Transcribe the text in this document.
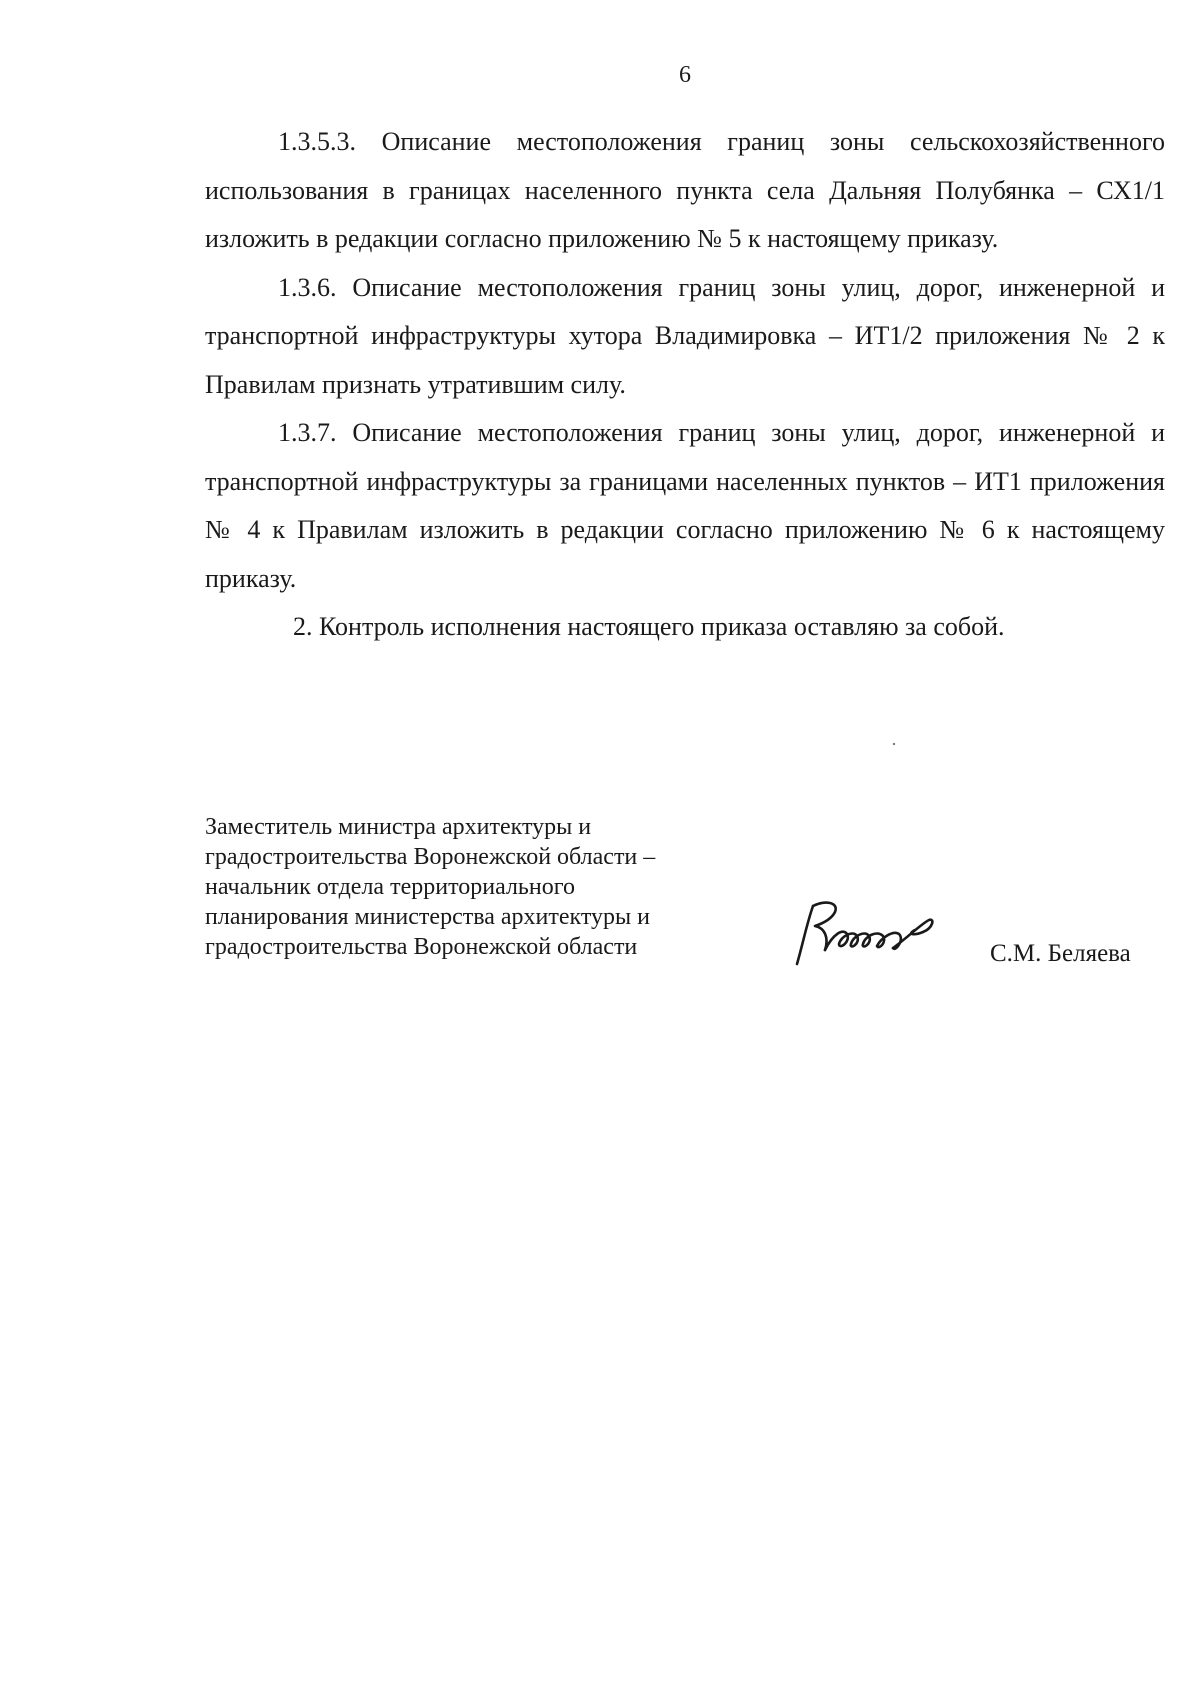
6

1.3.5.3. Описание местоположения границ зоны сельскохозяйственного использования в границах населенного пункта села Дальняя Полубянка – СХ1/1 изложить в редакции согласно приложению № 5 к настоящему приказу.

1.3.6. Описание местоположения границ зоны улиц, дорог, инженерной и транспортной инфраструктуры хутора Владимировка – ИТ1/2 приложения № 2 к Правилам признать утратившим силу.

1.3.7. Описание местоположения границ зоны улиц, дорог, инженерной и транспортной инфраструктуры за границами населенных пунктов – ИТ1 приложения № 4 к Правилам изложить в редакции согласно приложению № 6 к настоящему приказу.

2. Контроль исполнения настоящего приказа оставляю за собой.

Заместитель министра архитектуры и
градостроительства Воронежской области –
начальник отдела территориального
планирования министерства архитектуры и
градостроительства Воронежской области	С.М. Беляева
